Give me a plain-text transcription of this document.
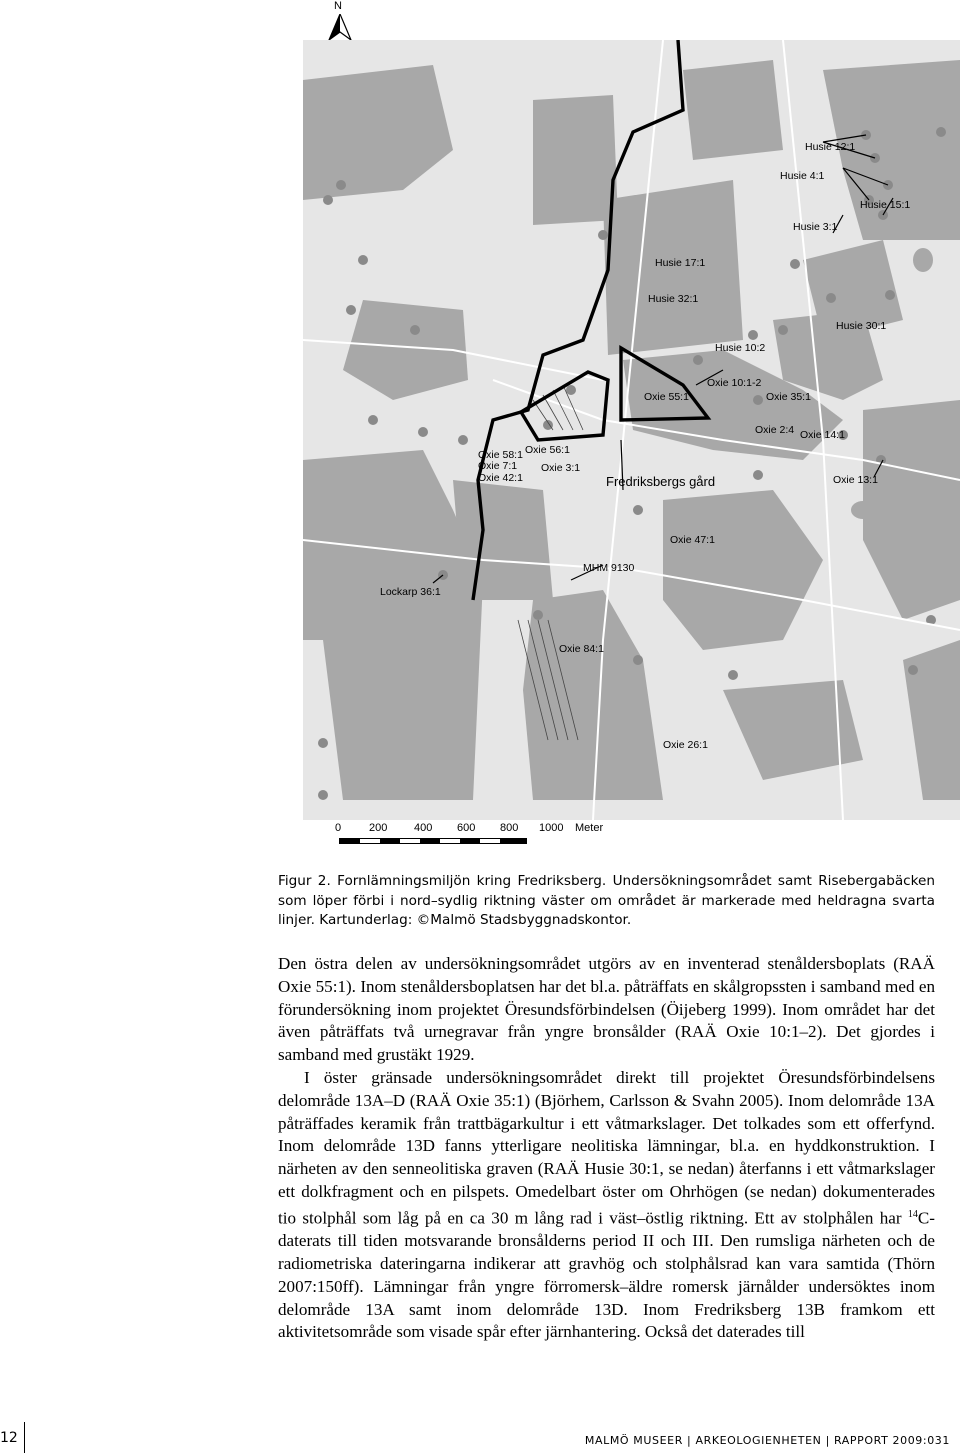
N
Husie 12:1
Husie 4:1
Husie 15:1
Husie 3:1
Husie 17:1
Husie 32:1
Husie 30:1
Husie 10:2
Oxie 10:1-2
Oxie 55:1	Oxie 35:1
Oxie 2:4 Oxie 14:1
Oxie 58:1
Oxie 7:1
Oxie 42:1
Oxie 56:1
Oxie 3:1
Fredriksbergs gård	Oxie 13:1
Oxie 47:1
MHM 9130
Lockarp 36:1
Oxie 84:1
Oxie 26:1
0	200 400 600 800 1000 Meter
Figur 2. Fornlämningsmiljön kring Fredriksberg. Undersökningsområdet samt Risebergabäcken som löper förbi i nord–sydlig riktning väster om området är markerade med heldragna svarta linjer. Kartunderlag: ©Malmö Stadsbyggnadskontor.

Den östra delen av undersökningsområdet utgörs av en inventerad stenåldersboplats (RAÄ Oxie 55:1). Inom stenåldersboplatsen har det bl.a. påträffats en skålgropssten i samband med en förundersökning inom projektet Öresundsförbindelsen (Öijeberg 1999). Inom området har det även påträffats två urnegravar från yngre bronsålder (RAÄ Oxie 10:1–2). Det gjordes i samband med grustäkt 1929.

I öster gränsade undersökningsområdet direkt till projektet Öresundsförbindelsens delområde 13A–D (RAÄ Oxie 35:1) (Björhem, Carlsson & Svahn 2005). Inom delområde 13A påträffades keramik från trattbägarkultur i ett våtmarkslager. Det tolkades som ett offerfynd. Inom delområde 13D fanns ytterligare neolitiska lämningar, bl.a. en hyddkonstruktion. I närheten av den senneolitiska graven (RAÄ Husie 30:1, se nedan) återfanns i ett våtmarkslager ett dolkfragment och en pilspets. Omedelbart öster om Ohrhögen (se nedan) dokumenterades tio stolphål som låg på en ca 30 m lång rad i väst–östlig riktning. Ett av stolphålen har $^{14}$C-daterats till tiden motsvarande bronsålderns period II och III. Den rumsliga närheten och de radiometriska dateringarna indikerar att gravhög och stolphålsrad kan vara samtida (Thörn 2007:150ff). Lämningar från yngre förromersk–äldre romersk järnålder undersöktes inom delområde 13A samt inom delområde 13D. Inom Fredriksberg 13B framkom ett aktivitetsområde som visade spår efter järnhantering. Också det daterades till

12	MALMÖ MUSEER | ARKEOLOGIENHETEN | RAPPORT 2009:031
